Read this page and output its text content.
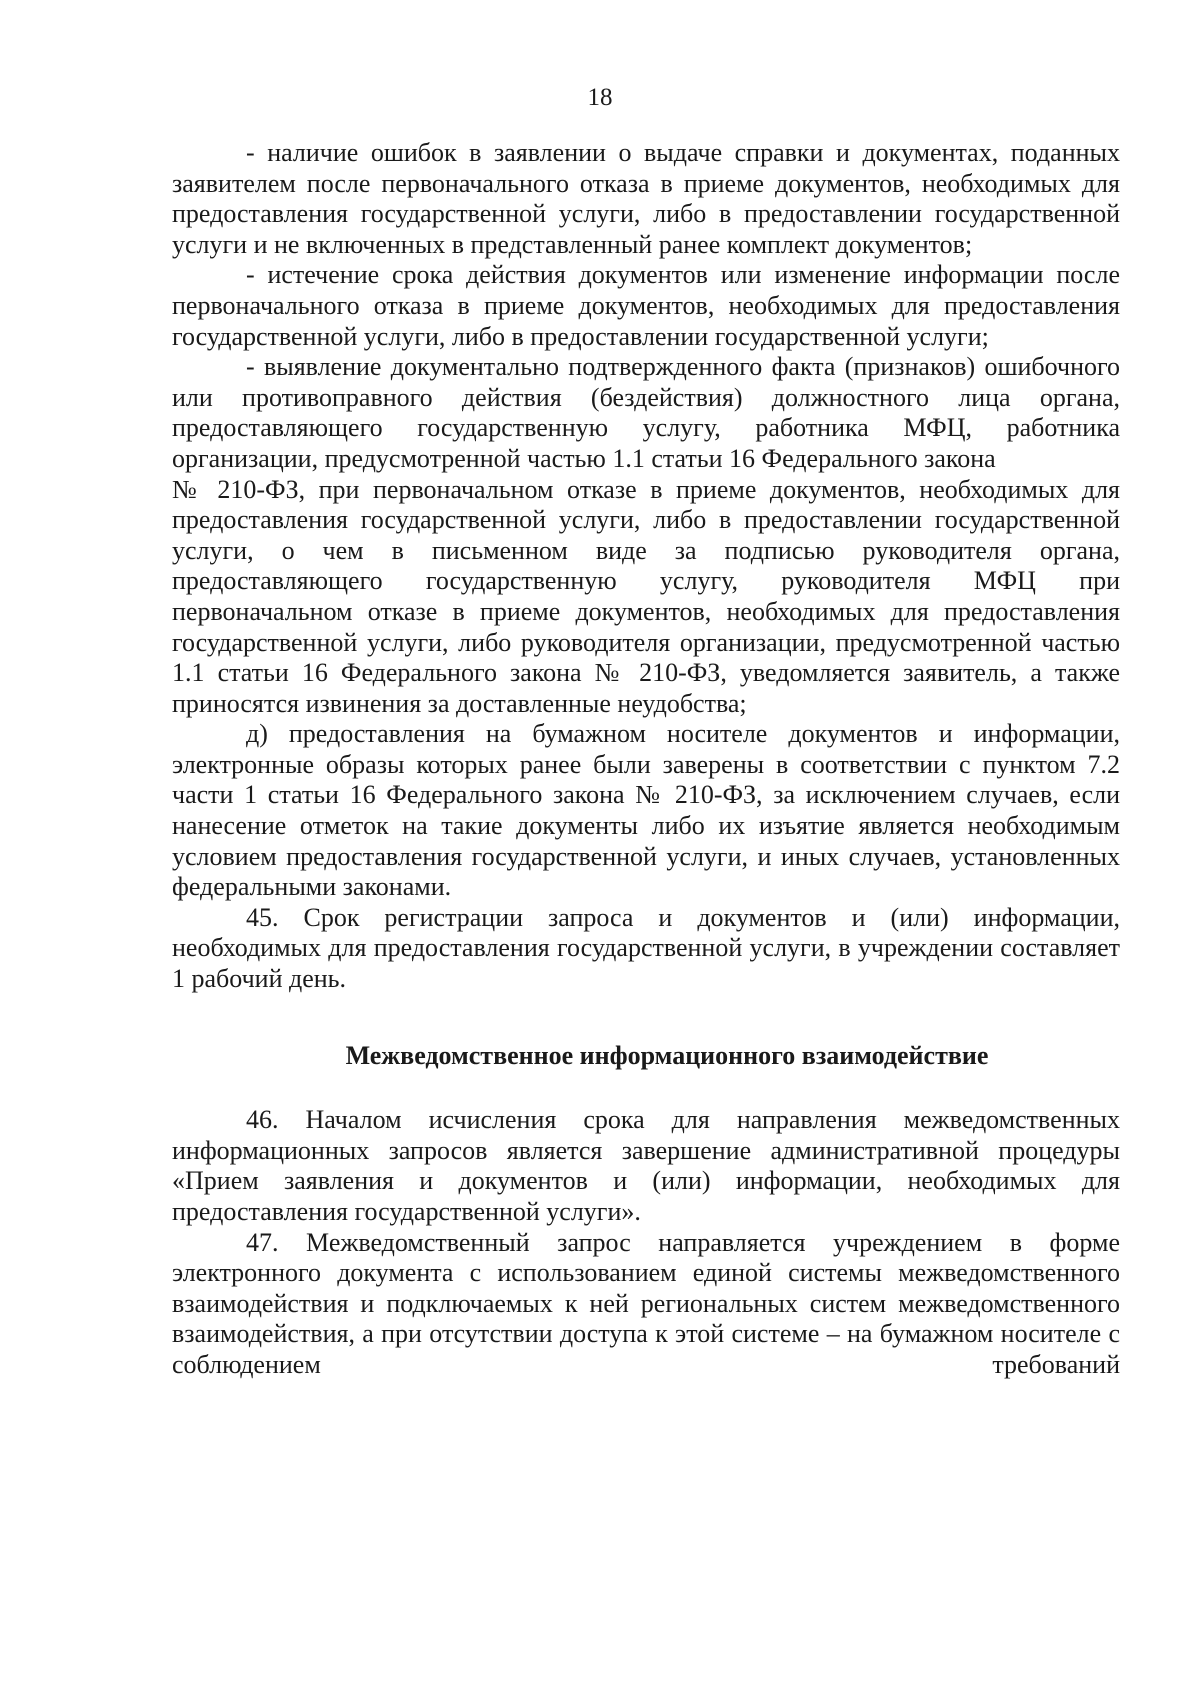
18

- наличие ошибок в заявлении о выдаче справки и документах, поданных заявителем после первоначального отказа в приеме документов, необходимых для предоставления государственной услуги, либо в предоставлении государственной услуги и не включенных в представленный ранее комплект документов;

- истечение срока действия документов или изменение информации после первоначального отказа в приеме документов, необходимых для предоставления государственной услуги, либо в предоставлении государственной услуги;

- выявление документально подтвержденного факта (признаков) ошибочного или противоправного действия (бездействия) должностного лица органа, предоставляющего государственную услугу, работника МФЦ, работника организации, предусмотренной частью 1.1 статьи 16 Федерального закона

№ 210-ФЗ, при первоначальном отказе в приеме документов, необходимых для предоставления государственной услуги, либо в предоставлении государственной услуги, о чем в письменном виде за подписью руководителя органа, предоставляющего государственную услугу, руководителя МФЦ при первоначальном отказе в приеме документов, необходимых для предоставления государственной услуги, либо руководителя организации, предусмотренной частью 1.1 статьи 16 Федерального закона № 210-ФЗ, уведомляется заявитель, а также приносятся извинения за доставленные неудобства;

д) предоставления на бумажном носителе документов и информации, электронные образы которых ранее были заверены в соответствии с пунктом 7.2 части 1 статьи 16 Федерального закона № 210-ФЗ, за исключением случаев, если нанесение отметок на такие документы либо их изъятие является необходимым условием предоставления государственной услуги, и иных случаев, установленных федеральными законами.

45. Срок регистрации запроса и документов и (или) информации, необходимых для предоставления государственной услуги, в учреждении составляет 1 рабочий день.

Межведомственное информационного взаимодействие

46. Началом исчисления срока для направления межведомственных информационных запросов является завершение административной процедуры «Прием заявления и документов и (или) информации, необходимых для предоставления государственной услуги».

47. Межведомственный запрос направляется учреждением в форме электронного документа с использованием единой системы межведомственного взаимодействия и подключаемых к ней региональных систем межведомственного взаимодействия, а при отсутствии доступа к этой системе – на бумажном носителе с соблюдением требований
